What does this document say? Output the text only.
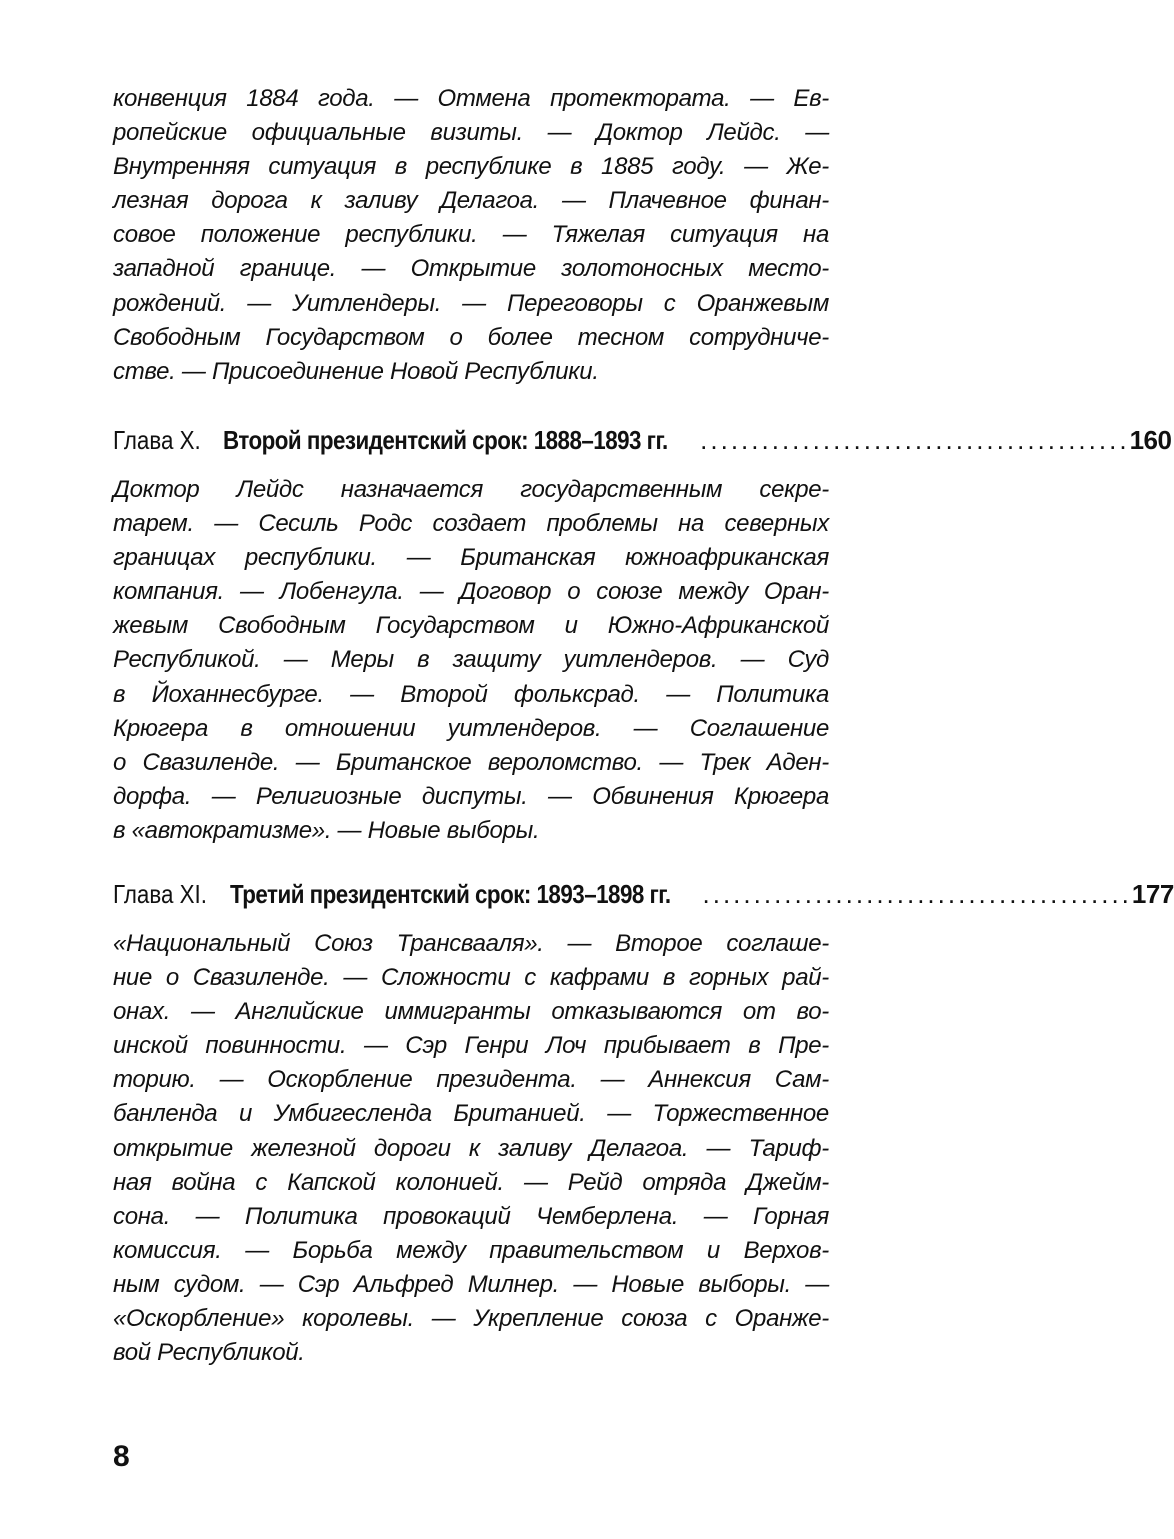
конвенция 1884 года. — Отмена протектората. — Ев-
ропейские официальные визиты. — Доктор Лейдс. —
Внутренняя ситуация в республике в 1885 году. — Же-
лезная дорога к заливу Делагоа. — Плачевное финан-
совое положение республики. — Тяжелая ситуация на
западной границе. — Открытие золотоносных место-
рождений. — Уитлендеры. — Переговоры с Оранжевым
Свободным Государством о более тесном сотрудниче-
стве. — Присоединение Новой Республики.
Глава X. Второй президентский срок: 1888–1893 гг. .......................................... 160
Доктор Лейдс назначается государственным секре-
тарем. — Сесиль Родс создает проблемы на северных
границах республики. — Британская южноафриканская
компания. — Лобенгула. — Договор о союзе между Оран-
жевым Свободным Государством и Южно-Африканской
Республикой. — Меры в защиту уитлендеров. — Суд
в Йоханнесбурге. — Второй фольксрад. — Политика
Крюгера в отношении уитлендеров. — Соглашение
о Свазиленде. — Британское вероломство. — Трек Аден-
дорфа. — Религиозные диспуты. — Обвинения Крюгера
в «автократизме». — Новые выборы.
Глава XI. Третий президентский срок: 1893–1898 гг. .......................................... 177
«Национальный Союз Трансвааля». — Второе соглаше-
ние о Свазиленде. — Сложности с кафрами в горных рай-
онах. — Английские иммигранты отказываются от во-
инской повинности. — Сэр Генри Лоч прибывает в Пре-
торию. — Оскорбление президента. — Аннексия Сам-
банленда и Умбигесленда Британией. — Торжественное
открытие железной дороги к заливу Делагоа. — Тариф-
ная война с Капской колонией. — Рейд отряда Джейм-
сона. — Политика провокаций Чемберлена. — Горная
комиссия. — Борьба между правительством и Верхов-
ным судом. — Сэр Альфред Милнер. — Новые выборы. —
«Оскорбление» королевы. — Укрепление союза с Оранже-
вой Республикой.
8
